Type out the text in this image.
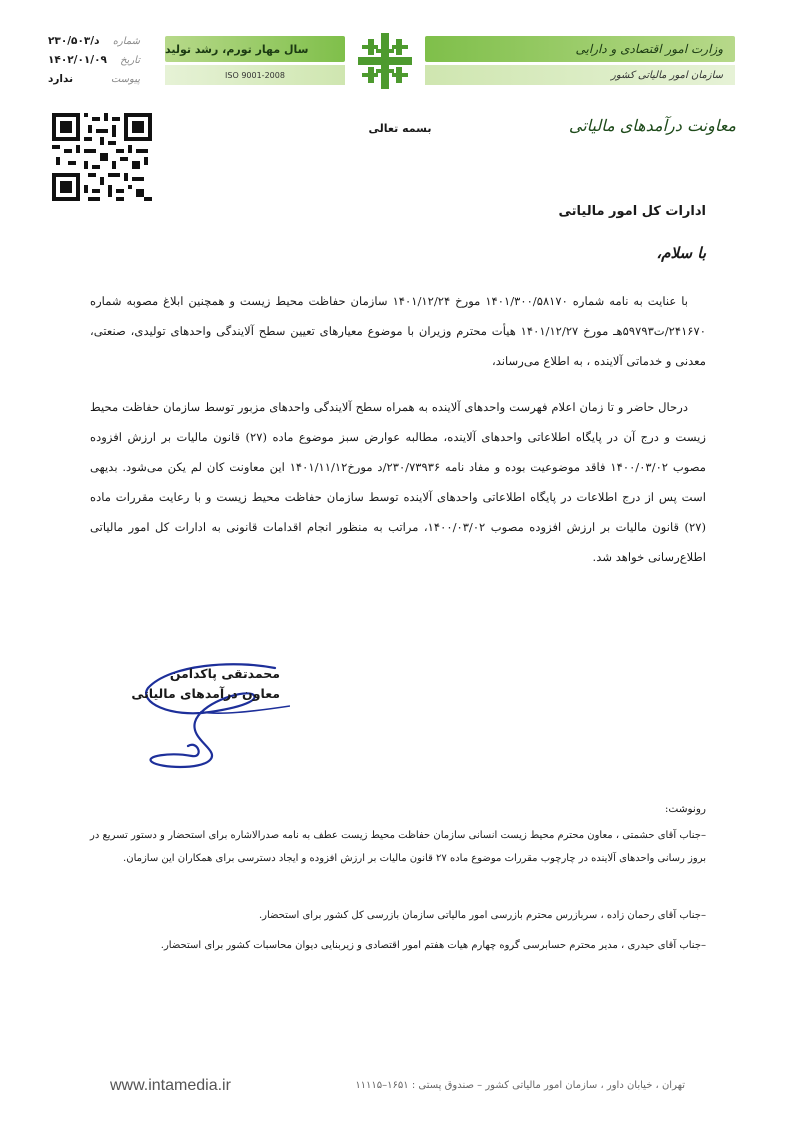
شماره
د/۲۳۰/۵۰۳
تاریخ
۱۴۰۲/۰۱/۰۹
پیوست
ندارد
سال مهار تورم، رشد تولید
ISO 9001-2008
وزارت امور اقتصادی و دارایی
سازمان امور مالیاتی کشور
بسمه تعالی	معاونت درآمدهای مالیاتی
ادارات کل امور مالیاتی
با سلام،
با عنایت به نامه شماره ۱۴۰۱/۳۰۰/۵۸۱۷۰ مورخ ۱۴۰۱/۱۲/۲۴ سازمان حفاظت محیط زیست و همچنین ابلاغ مصوبه شماره ۲۴۱۶۷۰/ت۵۹۷۹۳هـ مورخ ۱۴۰۱/۱۲/۲۷ هیأت محترم وزیران با موضوع معیارهای تعیین سطح آلایندگی واحدهای تولیدی، صنعتی، معدنی و خدماتی آلاینده ، به اطلاع می‌رساند،
درحال حاضر و تا زمان اعلام فهرست واحدهای آلاینده به همراه سطح آلایندگی واحدهای مزبور توسط سازمان حفاظت محیط زیست و درج آن در پایگاه اطلاعاتی واحدهای آلاینده، مطالبه عوارض سبز موضوع ماده (۲۷) قانون مالیات بر ارزش افزوده مصوب ۱۴۰۰/۰۳/۰۲ فاقد موضوعیت بوده و مفاد نامه ۲۳۰/۷۳۹۳۶/د مورخ۱۴۰۱/۱۱/۱۲ این معاونت کان لم یکن می‌شود. بدیهی است پس از درج اطلاعات در پایگاه اطلاعاتی واحدهای آلاینده توسط سازمان حفاظت محیط زیست و با رعایت مقررات ماده (۲۷) قانون مالیات بر ارزش افزوده مصوب ۱۴۰۰/۰۳/۰۲، مراتب به منظور انجام اقدامات قانونی به ادارات کل امور مالیاتی اطلاع‌رسانی خواهد شد.
محمدتقی پاکدامن
معاون درآمدهای مالیاتی
رونوشت:
–جناب آقای حشمتی ، معاون محترم محیط زیست انسانی سازمان حفاظت محیط زیست عطف به نامه صدرالاشاره برای استحضار و دستور تسریع در بروز رسانی واحدهای آلاینده در چارچوب مقررات موضوع ماده ۲۷ قانون مالیات بر ارزش افزوده و ایجاد دسترسی برای همکاران این سازمان.
–جناب آقای رحمان زاده ، سربازرس محترم بازرسی امور مالیاتی سازمان بازرسی کل کشور برای استحضار.
–جناب آقای حیدری ، مدیر محترم حسابرسی گروه چهارم هیات هفتم امور اقتصادی و زیربنایی دیوان محاسبات کشور برای استحضار.
www.intamedia.ir	تهران ، خیابان داور ، سازمان امور مالیاتی کشور – صندوق پستی : ۱۶۵۱–۱۱۱۱۵
